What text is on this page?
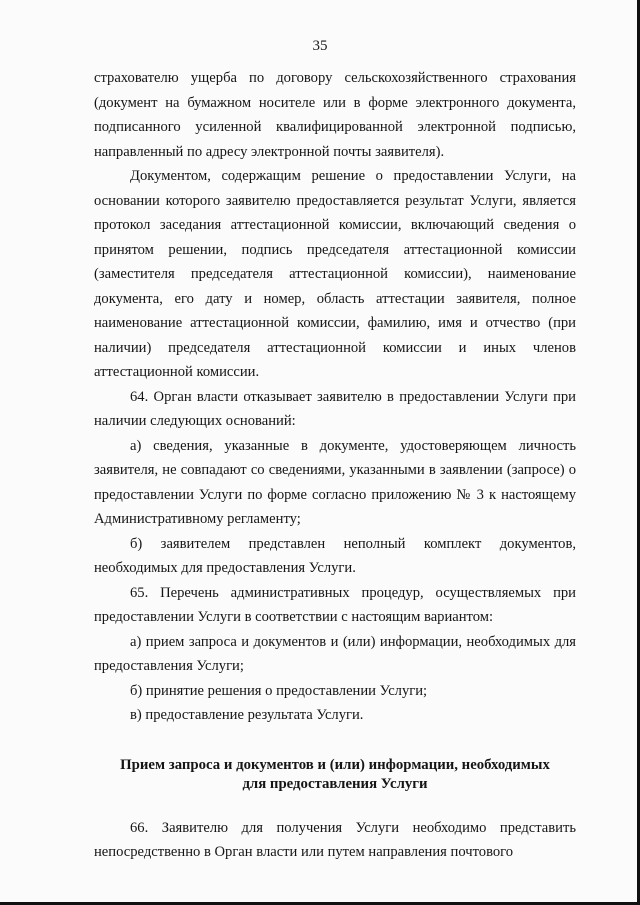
35

страхователю ущерба по договору сельскохозяйственного страхования (документ на бумажном носителе или в форме электронного документа, подписанного усиленной квалифицированной электронной подписью, направленный по адресу электронной почты заявителя).

Документом, содержащим решение о предоставлении Услуги, на основании которого заявителю предоставляется результат Услуги, является протокол заседания аттестационной комиссии, включающий сведения о принятом решении, подпись председателя аттестационной комиссии (заместителя председателя аттестационной комиссии), наименование документа, его дату и номер, область аттестации заявителя, полное наименование аттестационной комиссии, фамилию, имя и отчество (при наличии) председателя аттестационной комиссии и иных членов аттестационной комиссии.

64. Орган власти отказывает заявителю в предоставлении Услуги при наличии следующих оснований:

а) сведения, указанные в документе, удостоверяющем личность заявителя, не совпадают со сведениями, указанными в заявлении (запросе) о предоставлении Услуги по форме согласно приложению № 3 к настоящему Административному регламенту;

б) заявителем представлен неполный комплект документов, необходимых для предоставления Услуги.

65. Перечень административных процедур, осуществляемых при предоставлении Услуги в соответствии с настоящим вариантом:

а) прием запроса и документов и (или) информации, необходимых для предоставления Услуги;

б) принятие решения о предоставлении Услуги;

в) предоставление результата Услуги.

Прием запроса и документов и (или) информации, необходимых
для предоставления Услуги

66. Заявителю для получения Услуги необходимо представить непосредственно в Орган власти или путем направления почтового
